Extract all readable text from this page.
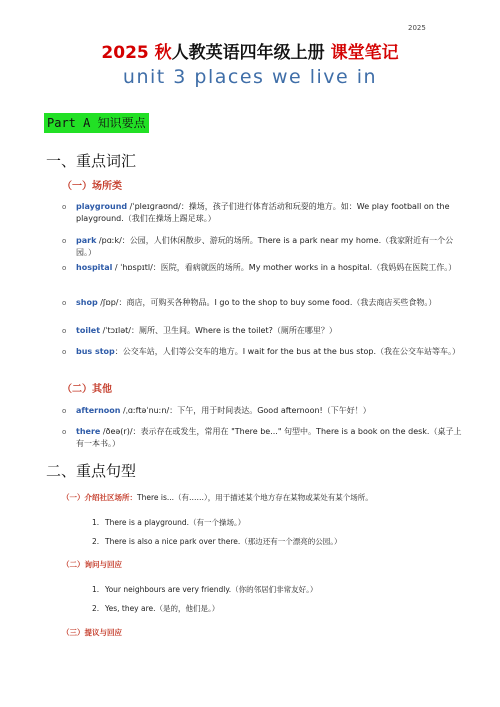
2025
2025 秋人教英语四年级上册 课堂笔记
unit 3 places we live in
Part A 知识要点
一、重点词汇
（一）场所类
o playground /ˈpleɪɡraʊnd/：操场，孩子们进行体育活动和玩耍的地方。如：We play football on the playground.（我们在操场上踢足球。）
o park /pɑːk/：公园，人们休闲散步、游玩的场所。There is a park near my home.（我家附近有一个公园。）
o hospital / ˈhɒspɪtl/：医院，看病就医的场所。My mother works in a hospital.（我妈妈在医院工作。）
o shop /ʃɒp/：商店，可购买各种物品。I go to the shop to buy some food.（我去商店买些食物。）
o toilet /ˈtɔɪlət/：厕所、卫生间。Where is the toilet?（厕所在哪里？）
o bus stop：公交车站，人们等公交车的地方。I wait for the bus at the bus stop.（我在公交车站等车。）
（二）其他
o afternoon /ˌɑːftəˈnuːn/：下午，用于时间表达。Good afternoon!（下午好！）
o there /ðeə(r)/：表示存在或发生，常用在 "There be..." 句型中。There is a book on the desk.（桌子上有一本书。）
二、重点句型
（一）介绍社区场所：There is...（有……），用于描述某个地方存在某物或某处有某个场所。
1. There is a playground.（有一个操场。）
2. There is also a nice park over there.（那边还有一个漂亮的公园。）
（二）询问与回应
1. Your neighbours are very friendly.（你的邻居们非常友好。）
2. Yes, they are.（是的，他们是。）
（三）提议与回应
